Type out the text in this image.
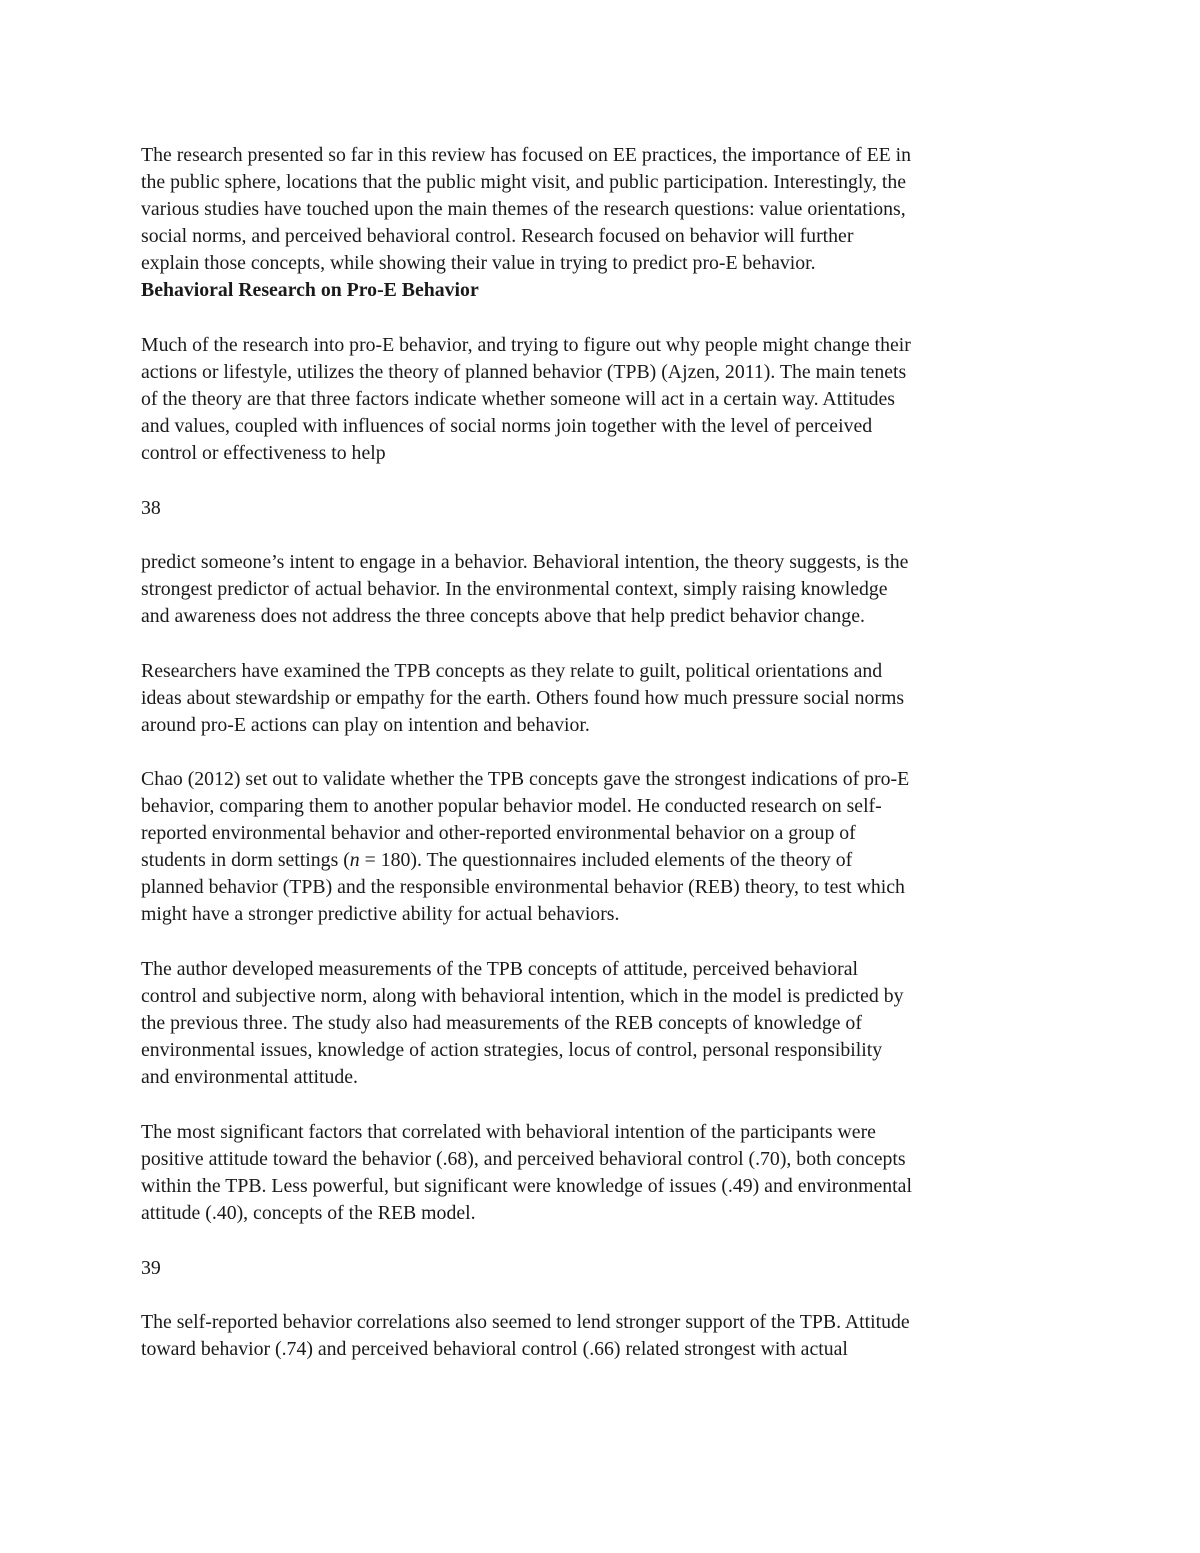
The research presented so far in this review has focused on EE practices, the importance of EE in
the public sphere, locations that the public might visit, and public participation. Interestingly, the
various studies have touched upon the main themes of the research questions: value orientations,
social norms, and perceived behavioral control. Research focused on behavior will further
explain those concepts, while showing their value in trying to predict pro-E behavior.
Behavioral Research on Pro-E Behavior
Much of the research into pro-E behavior, and trying to figure out why people might change their
actions or lifestyle, utilizes the theory of planned behavior (TPB) (Ajzen, 2011). The main tenets
of the theory are that three factors indicate whether someone will act in a certain way. Attitudes
and values, coupled with influences of social norms join together with the level of perceived
control or effectiveness to help
38
predict someone’s intent to engage in a behavior. Behavioral intention, the theory suggests, is the
strongest predictor of actual behavior. In the environmental context, simply raising knowledge
and awareness does not address the three concepts above that help predict behavior change.
Researchers have examined the TPB concepts as they relate to guilt, political orientations and
ideas about stewardship or empathy for the earth. Others found how much pressure social norms
around pro-E actions can play on intention and behavior.
Chao (2012) set out to validate whether the TPB concepts gave the strongest indications of pro-E
behavior, comparing them to another popular behavior model. He conducted research on self-
reported environmental behavior and other-reported environmental behavior on a group of
students in dorm settings (n = 180). The questionnaires included elements of the theory of
planned behavior (TPB) and the responsible environmental behavior (REB) theory, to test which
might have a stronger predictive ability for actual behaviors.
The author developed measurements of the TPB concepts of attitude, perceived behavioral
control and subjective norm, along with behavioral intention, which in the model is predicted by
the previous three. The study also had measurements of the REB concepts of knowledge of
environmental issues, knowledge of action strategies, locus of control, personal responsibility
and environmental attitude.
The most significant factors that correlated with behavioral intention of the participants were
positive attitude toward the behavior (.68), and perceived behavioral control (.70), both concepts
within the TPB. Less powerful, but significant were knowledge of issues (.49) and environmental
attitude (.40), concepts of the REB model.
39
The self-reported behavior correlations also seemed to lend stronger support of the TPB. Attitude
toward behavior (.74) and perceived behavioral control (.66) related strongest with actual
